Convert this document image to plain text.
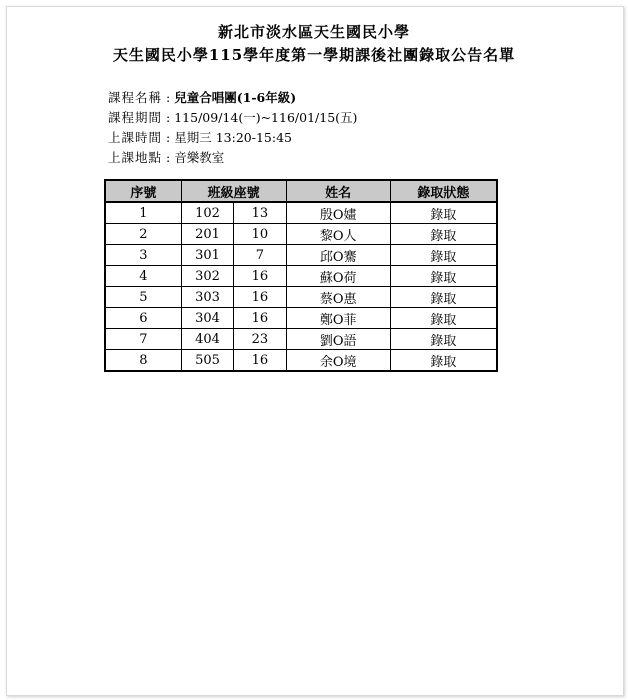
新北市淡水區天生國民小學
天生國民小學115學年度第一學期課後社團錄取公告名單
課程名稱 : 兒童合唱團(1-6年級)
課程期間 : 115/09/14(一)~116/01/15(五)
上課時間 : 星期三 13:20-15:45
上課地點 : 音樂教室
序號	班級座號		姓名	錄取狀態
1	102	13	殷O嫿	錄取
2	201	10	黎O人	錄取
3	301	7	邱O騫	錄取
4	302	16	蘇O荷	錄取
5	303	16	蔡O惠	錄取
6	304	16	鄭O菲	錄取
7	404	23	劉O語	錄取
8	505	16	余O境	錄取
